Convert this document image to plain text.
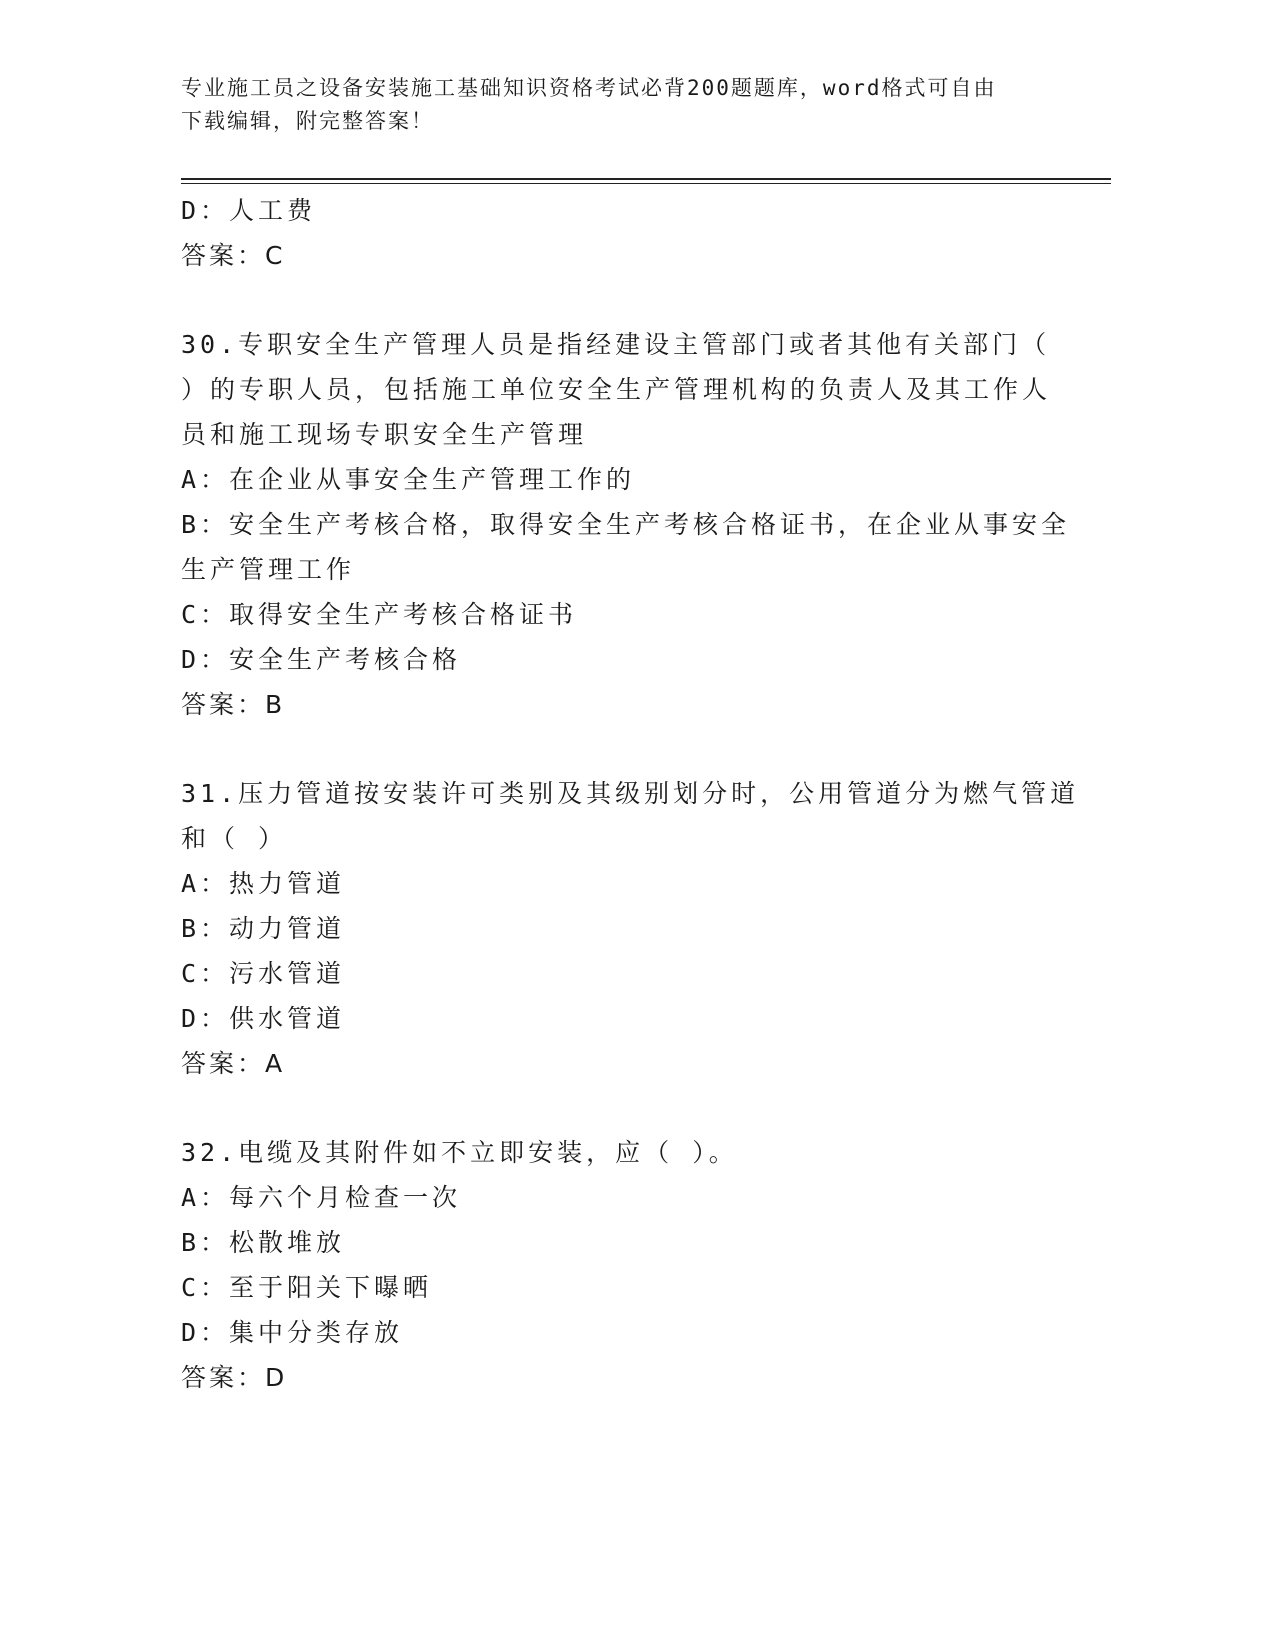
专业施工员之设备安装施工基础知识资格考试必背200题题库，word格式可自由
下载编辑，附完整答案！
D：人工费
答案：C
30.专职安全生产管理人员是指经建设主管部门或者其他有关部门（
）的专职人员，包括施工单位安全生产管理机构的负责人及其工作人
员和施工现场专职安全生产管理
A：在企业从事安全生产管理工作的
B：安全生产考核合格，取得安全生产考核合格证书，在企业从事安全
生产管理工作
C：取得安全生产考核合格证书
D：安全生产考核合格
答案：B
31.压力管道按安装许可类别及其级别划分时，公用管道分为燃气管道
和（ ）
A：热力管道
B：动力管道
C：污水管道
D：供水管道
答案：A
32.电缆及其附件如不立即安装，应（ ）。
A：每六个月检查一次
B：松散堆放
C：至于阳关下曝晒
D：集中分类存放
答案：D
